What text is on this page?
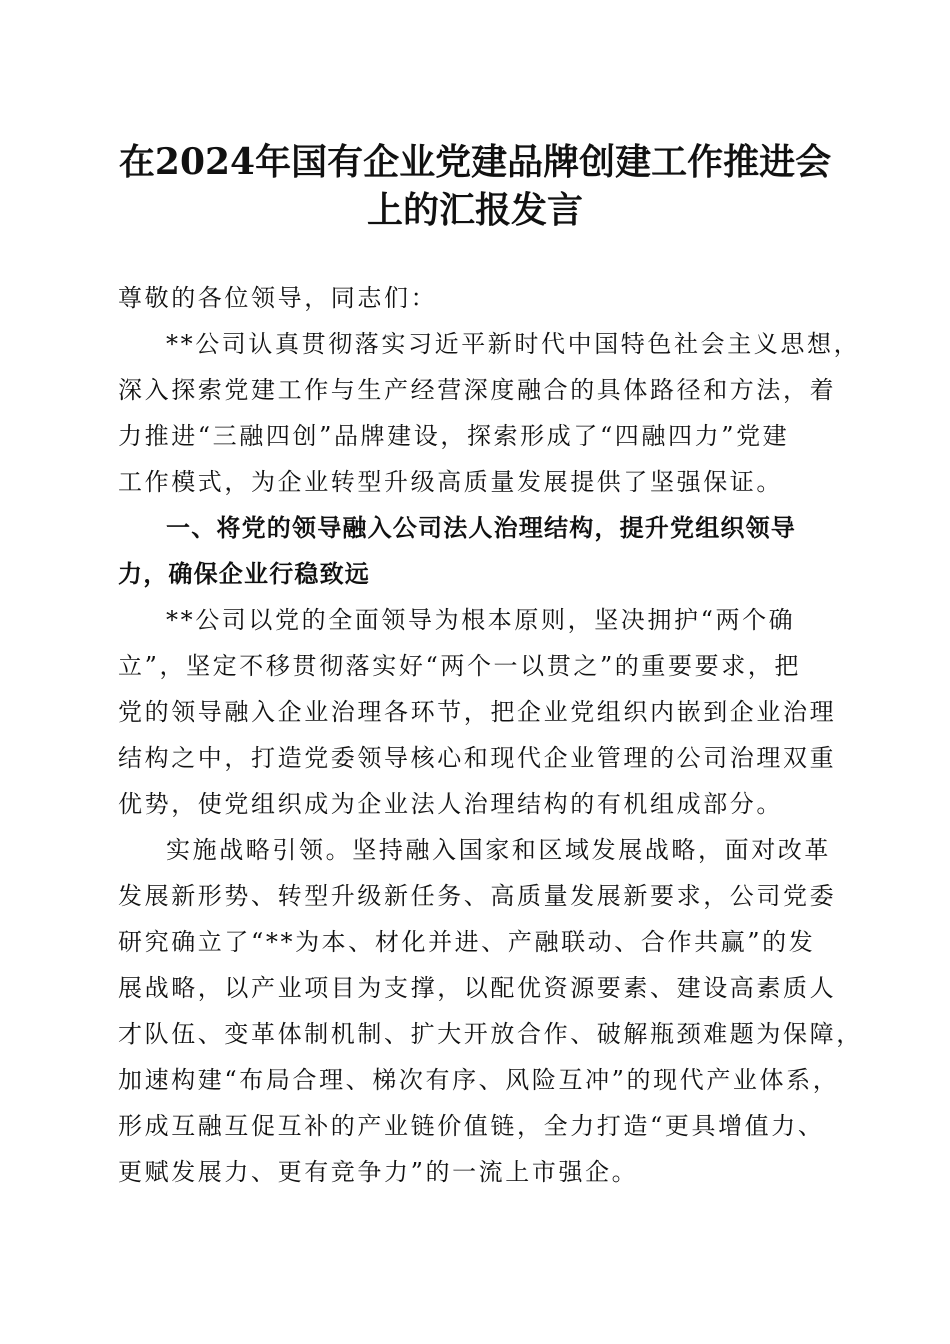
在2024年国有企业党建品牌创建工作推进会
上的汇报发言
尊敬的各位领导，同志们：
**公司认真贯彻落实习近平新时代中国特色社会主义思想，
深入探索党建工作与生产经营深度融合的具体路径和方法，着
力推进“三融四创”品牌建设，探索形成了“四融四力”党建
工作模式，为企业转型升级高质量发展提供了坚强保证。
一、将党的领导融入公司法人治理结构，提升党组织领导
力，确保企业行稳致远
**公司以党的全面领导为根本原则，坚决拥护“两个确
立”，坚定不移贯彻落实好“两个一以贯之”的重要要求，把
党的领导融入企业治理各环节，把企业党组织内嵌到企业治理
结构之中，打造党委领导核心和现代企业管理的公司治理双重
优势，使党组织成为企业法人治理结构的有机组成部分。
实施战略引领。坚持融入国家和区域发展战略，面对改革
发展新形势、转型升级新任务、高质量发展新要求，公司党委
研究确立了“**为本、材化并进、产融联动、合作共赢”的发
展战略，以产业项目为支撑，以配优资源要素、建设高素质人
才队伍、变革体制机制、扩大开放合作、破解瓶颈难题为保障，
加速构建“布局合理、梯次有序、风险互冲”的现代产业体系，
形成互融互促互补的产业链价值链，全力打造“更具增值力、
更赋发展力、更有竞争力”的一流上市强企。
